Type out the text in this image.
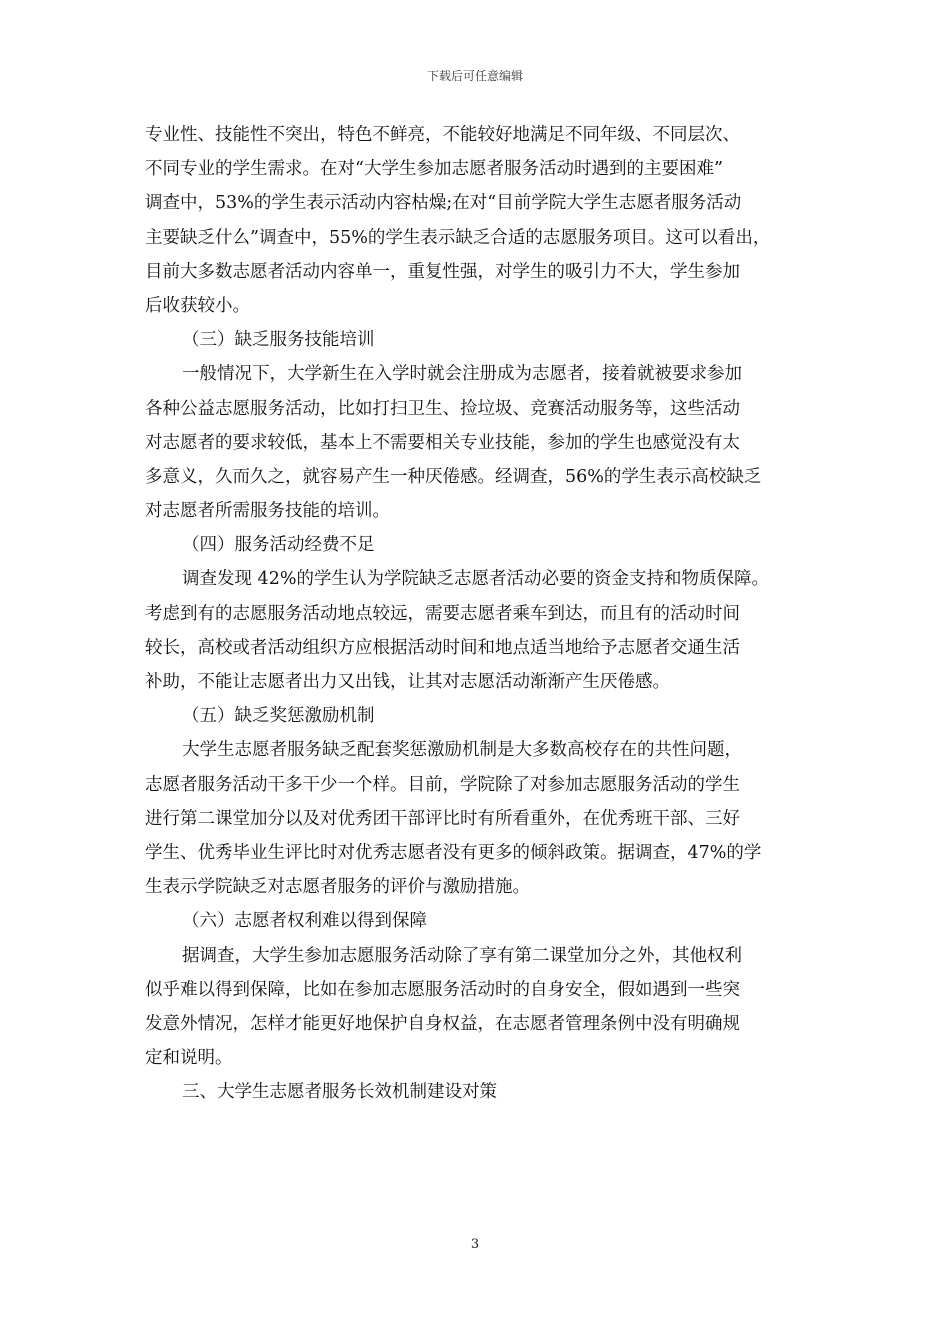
下载后可任意编辑
专业性、技能性不突出，特色不鲜亮，不能较好地满足不同年级、不同层次、
不同专业的学生需求。在对“大学生参加志愿者服务活动时遇到的主要困难”
调查中，53%的学生表示活动内容枯燥;在对“目前学院大学生志愿者服务活动
主要缺乏什么”调查中，55%的学生表示缺乏合适的志愿服务项目。这可以看出，
目前大多数志愿者活动内容单一，重复性强，对学生的吸引力不大，学生参加
后收获较小。
（三）缺乏服务技能培训
一般情况下，大学新生在入学时就会注册成为志愿者，接着就被要求参加
各种公益志愿服务活动，比如打扫卫生、捡垃圾、竞赛活动服务等，这些活动
对志愿者的要求较低，基本上不需要相关专业技能，参加的学生也感觉没有太
多意义，久而久之，就容易产生一种厌倦感。经调查，56%的学生表示高校缺乏
对志愿者所需服务技能的培训。
（四）服务活动经费不足
调查发现 42%的学生认为学院缺乏志愿者活动必要的资金支持和物质保障。
考虑到有的志愿服务活动地点较远，需要志愿者乘车到达，而且有的活动时间
较长，高校或者活动组织方应根据活动时间和地点适当地给予志愿者交通生活
补助，不能让志愿者出力又出钱，让其对志愿活动渐渐产生厌倦感。
（五）缺乏奖惩激励机制
大学生志愿者服务缺乏配套奖惩激励机制是大多数高校存在的共性问题，
志愿者服务活动干多干少一个样。目前，学院除了对参加志愿服务活动的学生
进行第二课堂加分以及对优秀团干部评比时有所看重外，在优秀班干部、三好
学生、优秀毕业生评比时对优秀志愿者没有更多的倾斜政策。据调查，47%的学
生表示学院缺乏对志愿者服务的评价与激励措施。
（六）志愿者权利难以得到保障
据调查，大学生参加志愿服务活动除了享有第二课堂加分之外，其他权利
似乎难以得到保障，比如在参加志愿服务活动时的自身安全，假如遇到一些突
发意外情况，怎样才能更好地保护自身权益，在志愿者管理条例中没有明确规
定和说明。
三、大学生志愿者服务长效机制建设对策
3
